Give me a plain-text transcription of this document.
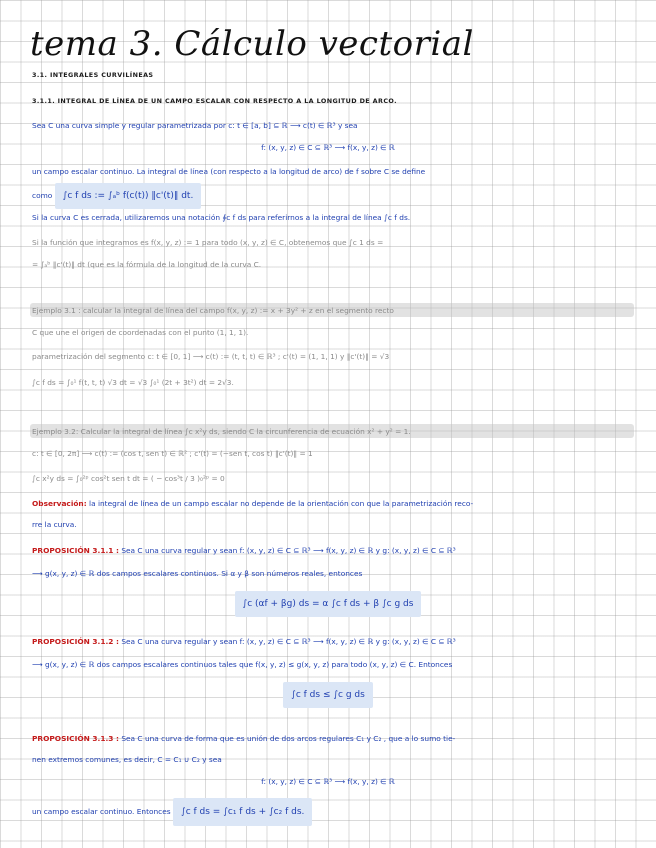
tema 3. Cálculo vectorial
3.1. INTEGRALES CURVILÍNEAS
3.1.1. INTEGRAL DE LÍNEA DE UN CAMPO ESCALAR CON RESPECTO A LA LONGITUD DE ARCO.
Sea C una curva simple y regular parametrizada por c: t ∈ [a, b] ⊆ ℝ ⟶ c(t) ∈ ℝ³ y sea
f: (x, y, z) ∈ C ⊆ ℝ³ ⟶ f(x, y, z) ∈ ℝ
un campo escalar continuo. La integral de línea (con respecto a la longitud de arco) de f sobre C se define
como ∫c f ds := ∫ₐᵇ f(c(t)) ‖c'(t)‖ dt.
Si la curva C es cerrada, utilizaremos una notación ∮c f ds para referirnos a la integral de línea ∫c f ds.
Si la función que integramos es f(x, y, z) := 1 para todo (x, y, z) ∈ C, obtenemos que ∫c 1 ds =
= ∫ₐᵇ ‖c'(t)‖ dt (que es la fórmula de la longitud de la curva C.
Ejemplo 3.1 : calcular la integral de línea del campo f(x, y, z) := x + 3y² + z en el segmento recto
C que une el origen de coordenadas con el punto (1, 1, 1).
parametrización del segmento c: t ∈ [0, 1] ⟶ c(t) := (t, t, t) ∈ ℝ³ ; c'(t) = (1, 1, 1) y ‖c'(t)‖ = √3
∫c f ds = ∫₀¹ f(t, t, t) √3 dt = √3 ∫₀¹ (2t + 3t²) dt = 2√3.
Ejemplo 3.2: Calcular la integral de línea ∫c x²y ds, siendo C la circunferencia de ecuación x² + y² = 1.
c: t ∈ [0, 2π] ⟶ c(t) := (cos t, sen t) ∈ ℝ² ; c'(t) = (−sen t, cos t) ‖c'(t)‖ = 1
∫c x²y ds = ∫₀²ᵖ cos²t sen t dt = ( − cos³t / 3 )₀²ᵖ = 0
Observación: la integral de línea de un campo escalar no depende de la orientación con que la parametrización reco-
rre la curva.
PROPOSICIÓN 3.1.1 : Sea C una curva regular y sean f: (x, y, z) ∈ C ⊆ ℝ³ ⟶ f(x, y, z) ∈ ℝ y g: (x, y, z) ∈ C ⊆ ℝ³
⟶ g(x, y, z) ∈ ℝ dos campos escalares continuos. Si α y β son números reales, entonces
∫c (αf + βg) ds = α ∫c f ds + β ∫c g ds
PROPOSICIÓN 3.1.2 : Sea C una curva regular y sean f: (x, y, z) ∈ C ⊆ ℝ³ ⟶ f(x, y, z) ∈ ℝ y g: (x, y, z) ∈ C ⊆ ℝ³
⟶ g(x, y, z) ∈ ℝ dos campos escalares continuos tales que f(x, y, z) ≤ g(x, y, z) para todo (x, y, z) ∈ C. Entonces
∫c f ds ≤ ∫c g ds
PROPOSICIÓN 3.1.3 : Sea C una curva de forma que es unión de dos arcos regulares C₁ y C₂ , que a lo sumo tie-
nen extremos comunes, es decir, C = C₁ ∪ C₂ y sea
f: (x, y, z) ∈ C ⊆ ℝ³ ⟶ f(x, y, z) ∈ ℝ
un campo escalar continuo. Entonces ∫c f ds = ∫c₁ f ds + ∫c₂ f ds.
